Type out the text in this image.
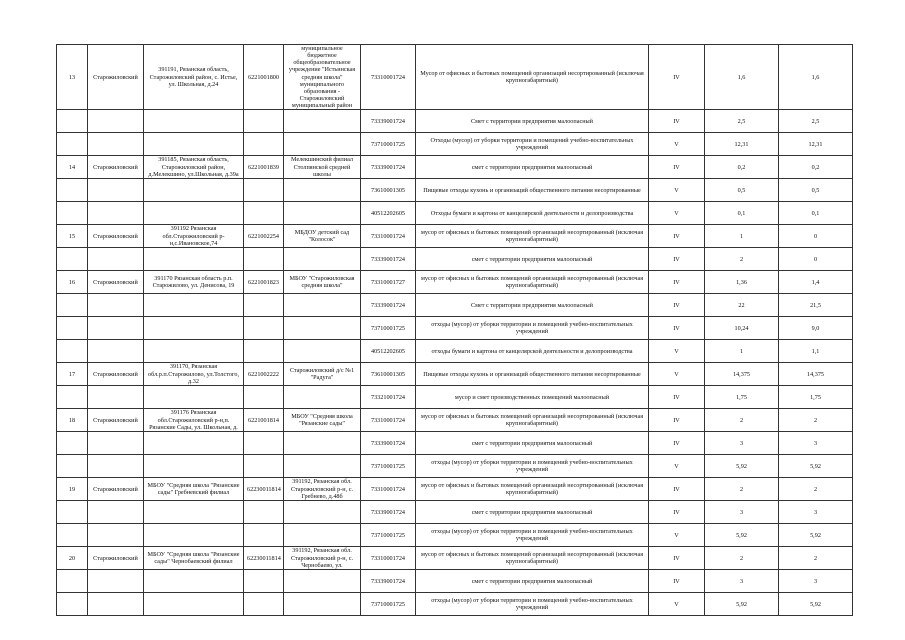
13	Старожиловский	391191, Рязанская область, Старожиловский район, с. Истье, ул. Школьная, д.24	6221001800	муниципальное бюджетное общеобразовательное учреждение "Истьинская средняя школа" муниципального образования - Старожиловский муниципальный район	73310001724	Мусор от офисных и бытовых помещений организаций несортированный (исключая крупногабаритный)	IV	1,6	1,6
					73339001724	Смет с территории предприятия малоопасный	IV	2,5	2,5
					73710001725	Отходы (мусор) от уборки территории и помещений учебно-воспитательных учреждений	V	12,31	12,31
14	Старожиловский	391185, Рязанская область, Старожиловский район, д.Мелекшино, ул.Школьная, д.39а	6221001839	Мелекшинский филиал Столпянской средней школы	73339001724	смет с территории предприятия малоопасный	IV	0,2	0,2
					73610001305	Пищевые отходы кухонь и организаций общественного питания несортированные	V	0,5	0,5
					40512202605	Отходы бумаги и картона от канцелярской деятельности и делопроизводства	V	0,1	0,1
15	Старожиловский	391192 Рязанская обл.Старожиловский р-н,с.Ивановское,74	6221002254	МБДОУ детский сад "Колосок"	73310001724	мусор от офисных и бытовых помещений организаций несортированный (исключая крупногабаритный)	IV	1	0
					73339001724	смет с территории предприятия малоопасный	IV	2	0
16	Старожиловский	391170 Рязанская область р.п. Старожилово, ул. Денисова, 19	6221001823	МБОУ "Старожиловская средняя школа"	73310001727	мусор от офисных и бытовых помещений организаций несортированный (исключая крупногабаритный)	IV	1,36	1,4
					73339001724	Смет с территории предприятия малоопасный	IV	22	21,5
					73710001725	отходы (мусор) от уборки территории и помещений учебно-воспитательных учреждений	IV	10,24	9,0
					40512202605	отходы бумаги и картона от канцелярской деятельности и делопроизводства	V	1	1,1
17	Старожиловский	391170, Рязанская обл.р.п.Старожилово, ул.Толстого, д.32	6221002222	Старожиловский д/с №1 "Радуга"	73610001305	Пищевые отходы кухонь и организаций общественного питания несортированные	V	14,375	14,375
					73321001724	мусор и смет производственных помещений малоопасный	IV	1,75	1,75
18	Старожиловский	391176 Рязанская обл.Старожиловский р-н,п. Рязанские Сады, ул. Школьная, д.	6221001814	МБОУ "Средняя школа "Рязанские сады"	73310001724	мусор от офисных и бытовых помещений организаций несортированный (исключая крупногабаритный)	IV	2	2
					73339001724	смет с территории предприятия малоопасный	IV	3	3
					73710001725	отходы (мусор) от уборки территории и помещений учебно-воспитательных учреждений	V	5,92	5,92
19	Старожиловский	МБОУ "Средняя школа "Рязанские сады" Гребневский филиал	62230011814	391192, Рязанская обл. Старожиловский р-н, с. Гребнево, д.48б	73310001724	мусор от офисных и бытовых помещений организаций несортированный (исключая крупногабаритный)	IV	2	2
					73339001724	смет с территории предприятия малоопасный	IV	3	3
					73710001725	отходы (мусор) от уборки территории и помещений учебно-воспитательных учреждений	V	5,92	5,92
20	Старожиловский	МБОУ "Средняя школа "Рязанские сады" Чернобаевский филиал	62230011814	391192, Рязанская обл. Старожиловский р-н, с. Чернобаево, ул.	73310001724	мусор от офисных и бытовых помещений организаций несортированный (исключая крупногабаритный)	IV	2	2
					73339001724	смет с территории предприятия малоопасный	IV	3	3
					73710001725	отходы (мусор) от уборки территории и помещений учебно-воспитательных учреждений	V	5,92	5,92
